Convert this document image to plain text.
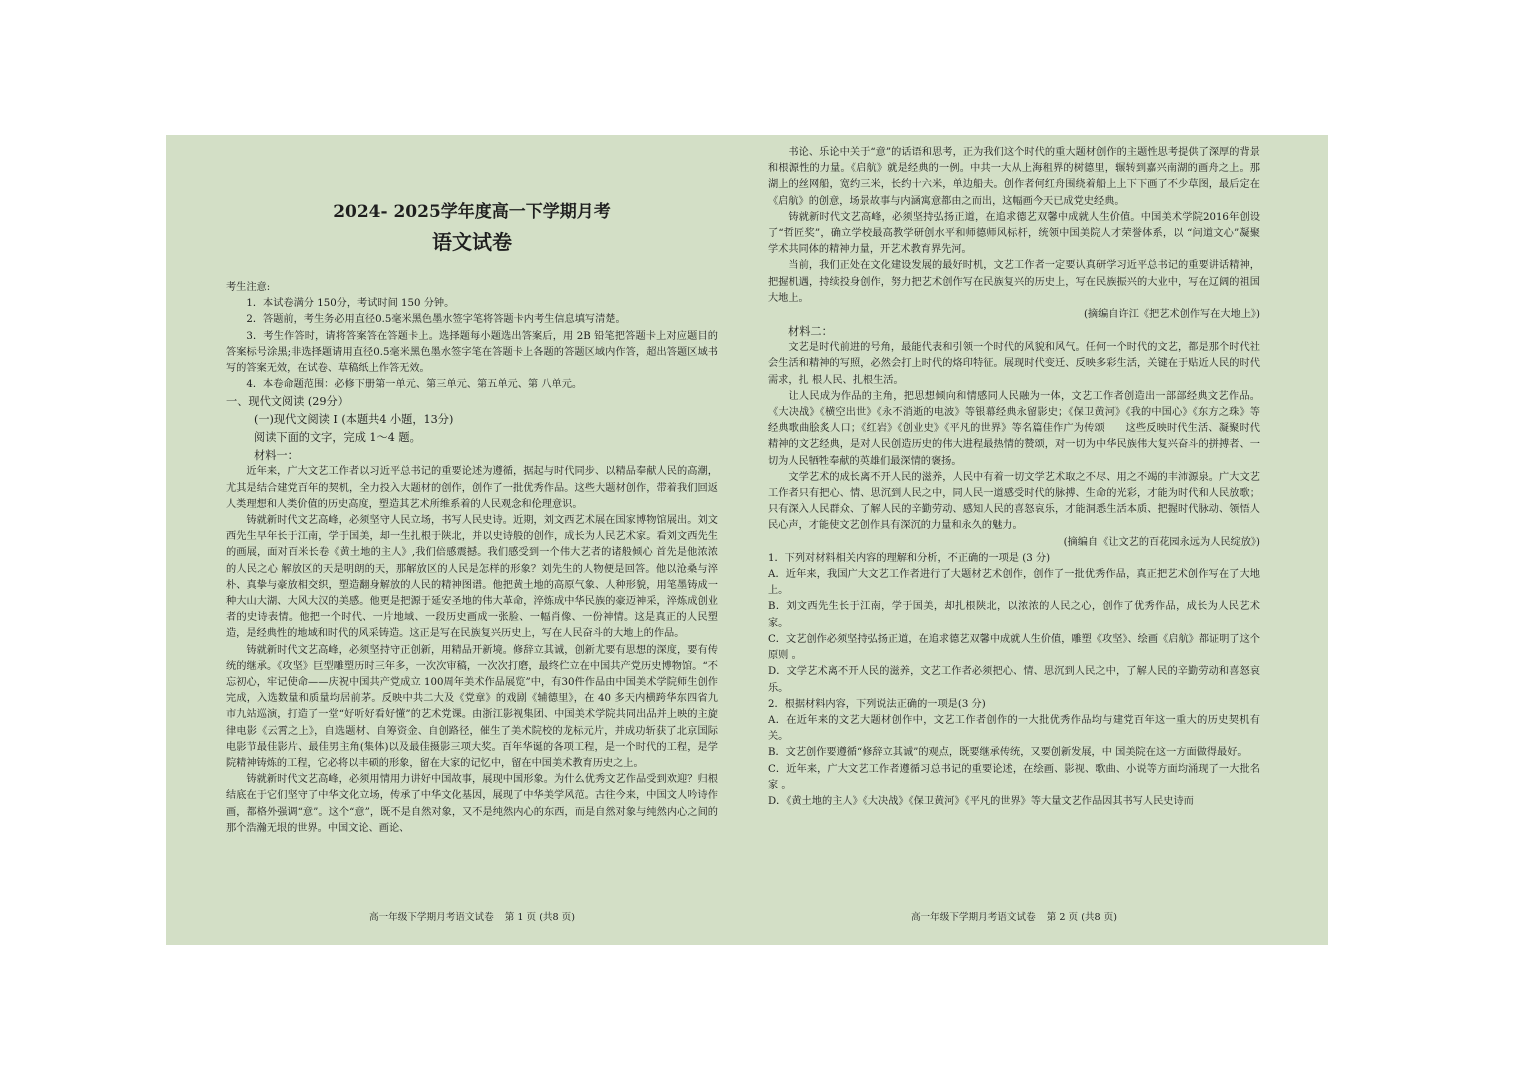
2024- 2025学年度高一下学期月考
语文试卷

考生注意:

1．本试卷满分 150分，考试时间 150 分钟。

2．答题前，考生务必用直径0.5毫米黑色墨水签字笔将答题卡内考生信息填写清楚。

3．考生作答时，请将答案答在答题卡上。选择题每小题选出答案后，用 2B 铅笔把答题卡上对应题目的答案标号涂黑;非选择题请用直径0.5毫米黑色墨水签字笔在答题卡上各题的答题区域内作答，超出答题区域书写的答案无效，在试卷、草稿纸上作答无效。

4．本卷命题范围：必修下册第一单元、第三单元、第五单元、第 八单元。

一、现代文阅读 (29分）

(一)现代文阅读 I (本题共4 小题，13分)

阅读下面的文字，完成 1～4 题。

材料一：

近年来，广大文艺工作者以习近平总书记的重要论述为遵循，据起与时代同步、以精品奉献人民的高潮，尤其是结合建党百年的契机，全力投入大题材的创作，创作了一批优秀作品。这些大题材创作，带着我们回返人类理想和人类价值的历史高度，塑造其艺术所维系着的人民观念和伦理意识。

铸就新时代文艺高峰，必须坚守人民立场，书写人民史诗。近期，刘文西艺术展在国家博物馆展出。刘文西先生早年长于江南，学于国美，却一生扎根于陕北，并以史诗般的创作，成长为人民艺术家。看刘文西先生的画展，面对百米长卷《黄土地的主人》,我们倍感震撼。我们感受到一个伟大艺者的诸般倾心 首先是他浓浓的人民之心 解放区的天是明朗的天，那解放区的人民是怎样的形象？刘先生的人物便是回答。他以沧桑与淬朴、真挚与豪放相交织，塑造翻身解放的人民的精神图谱。他把黄土地的高原气象、人种形貌，用笔墨铸成一种大山大湖、大风大汉的美感。他更是把源于延安圣地的伟大革命，淬炼成中华民族的豪迈神采，淬炼成创业者的史诗表情。他把一个时代、一片地域、一段历史画成一张脸、一幅肖像、一份神情。这是真正的人民塑造，是经典性的地域和时代的风采铸造。这正是写在民族复兴历史上，写在人民奋斗的大地上的作品。

铸就新时代文艺高峰，必须坚持守正创新，用精品开新境。修辞立其诚，创新尤要有思想的深度，要有传统的继承。《攻坚》巨型雕塑历时三年多，一次次审稿，一次次打磨，最终伫立在中国共产党历史博物馆。“不忘初心，牢记使命——庆祝中国共产党成立 100周年美术作品展览”中，有30件作品由中国美术学院师生创作完成，入选数量和质量均居前茅。反映中共二大及《党章》的戏剧《辅德里》，在 40 多天内横跨华东四省九市九站巡演，打造了一堂“好听好看好懂”的艺术党课。由浙江影视集团、中国美术学院共同出品并上映的主旋律电影《云霄之上》，自选题材、自筹资金、自创路径，催生了美术院校的龙标元片，并成功斩获了北京国际电影节最佳影片、最佳男主角(集体)以及最佳摄影三项大奖。百年华诞的各项工程，是一个时代的工程，是学院精神铸炼的工程，它必将以丰硕的形象，留在大家的记忆中，留在中国美术教育历史之上。

铸就新时代文艺高峰，必须用情用力讲好中国故事，展现中国形象。为什么优秀文艺作品受到欢迎？归根结底在于它们坚守了中华文化立场，传承了中华文化基因，展现了中华美学风范。古往今来，中国文人吟诗作画，都格外强调“意”。这个“意”，既不是自然对象，又不是纯然内心的东西，而是自然对象与纯然内心之间的那个浩瀚无垠的世界。中国文论、画论、

高一年级下学期月考语文试卷 第 1 页 (共8 页)

书论、乐论中关于“意”的话语和思考，正为我们这个时代的重大题材创作的主题性思考提供了深厚的背景和根源性的力量。《启航》就是经典的一例。中共一大从上海租界的树德里，辗转到嘉兴南湖的画舟之上。那湖上的丝网船，宽约三米，长约十六米，单边船夫。创作者何红舟围绕着船上上下下画了不少草图，最后定在《启航》的创意，场景故事与内涵寓意都由之而出，这幅画今天已成党史经典。

铸就新时代文艺高峰，必须坚持弘扬正道，在追求德艺双馨中成就人生价值。中国美术学院2016年创设了“哲匠奖”，确立学校最高教学研创水平和师德师风标杆，统领中国美院人才荣誉体系，以 “问道文心”凝聚学术共同体的精神力量，开艺术教育界先河。

当前，我们正处在文化建设发展的最好时机，文艺工作者一定要认真研学习近平总书记的重要讲话精神，把握机遇，持续投身创作，努力把艺术创作写在民族复兴的历史上，写在民族振兴的大业中，写在辽阔的祖国大地上。

(摘编自许江《把艺术创作写在大地上》)

材料二：

文艺是时代前进的号角，最能代表和引领一个时代的风貌和风气。任何一个时代的文艺，都是那个时代社会生活和精神的写照，必然会打上时代的烙印特征。展现时代变迁、反映多彩生活，关键在于贴近人民的时代需求，扎 根人民、扎根生活。

让人民成为作品的主角，把思想倾向和情感同人民融为一体，文艺工作者创造出一部部经典文艺作品。《大决战》《横空出世》《永不消逝的电波》等银幕经典永留影史；《保卫黄河》《我的中国心》《东方之珠》等经典歌曲脍炙人口；《红岩》《创业史》《平凡的世界》等名篇佳作广为传颂　　这些反映时代生活、凝聚时代精神的文艺经典，是对人民创造历史的伟大进程最热情的赞颂，对一切为中华民族伟大复兴奋斗的拼搏者、一切为人民牺牲奉献的英雄们最深情的褒扬。

文学艺术的成长离不开人民的滋养，人民中有着一切文学艺术取之不尽、用之不竭的丰沛源泉。广大文艺工作者只有把心、情、思沉到人民之中，同人民一道感受时代的脉搏、生命的光彩，才能为时代和人民放歌；只有深入人民群众、了解人民的辛勤劳动、感知人民的喜怒哀乐，才能洞悉生活本质、把握时代脉动、领悟人民心声，才能使文艺创作具有深沉的力量和永久的魅力。

(摘编自《让文艺的百花园永远为人民绽放》)

1．下列对材料相关内容的理解和分析，不正确的一项是 (3 分)

A．近年来，我国广大文艺工作者进行了大题材艺术创作，创作了一批优秀作品，真正把艺术创作写在了大地上。

B．刘文西先生长于江南，学于国美，却扎根陕北，以浓浓的人民之心，创作了优秀作品，成长为人民艺术家。

C．文艺创作必须坚持弘扬正道，在追求德艺双馨中成就人生价值，雕塑《攻坚》、绘画《启航》都证明了这个原则 。

D．文学艺术离不开人民的滋养，文艺工作者必须把心、情、思沉到人民之中，了解人民的辛勤劳动和喜怒哀乐。

2．根据材料内容，下列说法正确的一项是(3 分)

A．在近年来的文艺大题材创作中，文艺工作者创作的一大批优秀作品均与建党百年这一重大的历史契机有关。

B．文艺创作要遵循“修辞立其诚”的观点，既要继承传统，又要创新发展，中 国美院在这一方面做得最好。

C．近年来，广大文艺工作者遵循习总书记的重要论述，在绘画、影视、歌曲、小说等方面均涌现了一大批名家 。

D．《黄土地的主人》《大决战》《保卫黄河》《平凡的世界》等大量文艺作品因其书写人民史诗而

高一年级下学期月考语文试卷 第 2 页 (共8 页)
